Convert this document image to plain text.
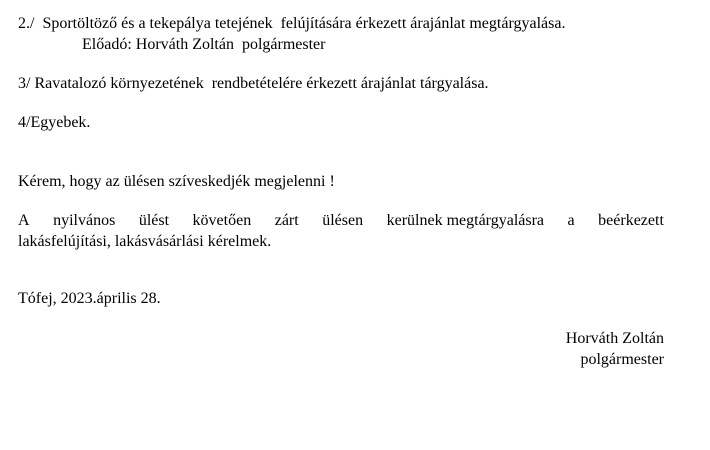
2./  Sportöltöző és a tekepálya tetejének  felújítására érkezett árajánlat megtárgyalása.
Előadó: Horváth Zoltán  polgármester
3/ Ravatalozó környezetének  rendbetételére érkezett árajánlat tárgyalása.
4/Egyebek.
Kérem, hogy az ülésen szíveskedjék megjelenni !
A nyilvános ülést követően zárt ülésen kerülnek megtárgyalásra a beérkezett
lakásfelújítási, lakásvásárlási kérelmek.
Tófej, 2023.április 28.
Horváth Zoltán
polgármester
